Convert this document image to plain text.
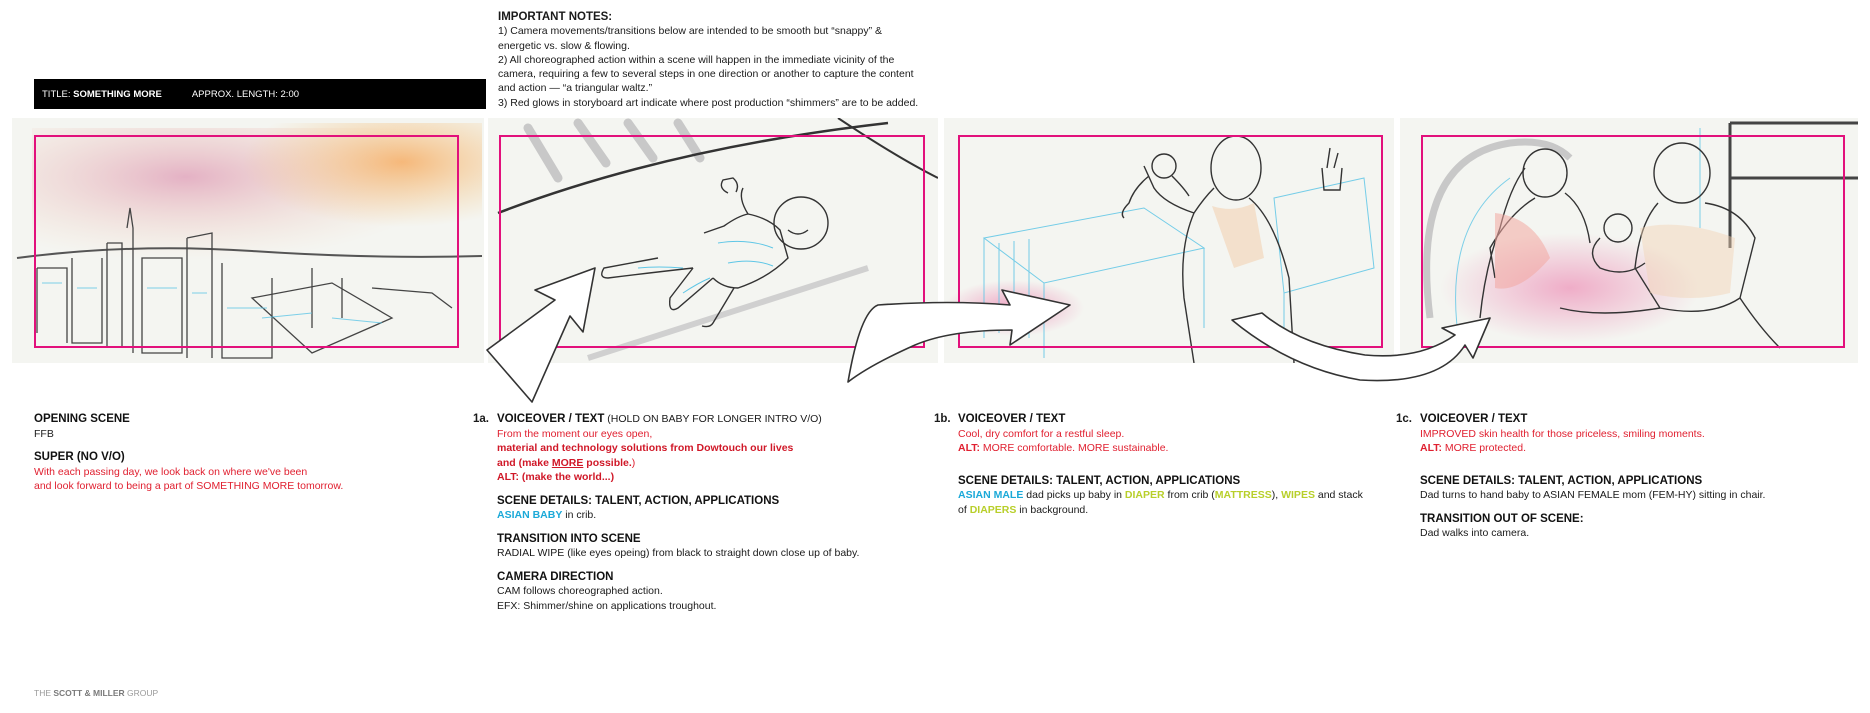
IMPORTANT NOTES:
1) Camera movements/transitions below are intended to be smooth but “snappy” &
energetic vs. slow & flowing.
2) All choreographed action within a scene will happen in the immediate vicinity of the
camera, requiring a few to several steps in one direction or another to capture the content
and action — “a triangular waltz.”
3) Red glows in storyboard art indicate where post production “shimmers” are to be added.
TITLE: SOMETHING MORE	APPROX. LENGTH: 2:00
OPENING SCENE
FFB
SUPER (NO V/O)
With each passing day, we look back on where we've been
and look forward to being a part of SOMETHING MORE tomorrow.
1a. VOICEOVER / TEXT (HOLD ON BABY FOR LONGER INTRO V/O)
From the moment our eyes open,
material and technology solutions from Dowtouch our lives
and (make MORE possible.)
ALT: (make the world...)
SCENE DETAILS: TALENT, ACTION, APPLICATIONS
ASIAN BABY in crib.
TRANSITION INTO SCENE
RADIAL WIPE (like eyes opeing) from black to straight down close up of baby.
CAMERA DIRECTION
CAM follows choreographed action.
EFX: Shimmer/shine on applications troughout.
1b. VOICEOVER / TEXT
Cool, dry comfort for a restful sleep.
ALT: MORE comfortable. MORE sustainable.
SCENE DETAILS: TALENT, ACTION, APPLICATIONS
ASIAN MALE dad picks up baby in DIAPER from crib (MATTRESS), WIPES and stack
of DIAPERS in background.
1c. VOICEOVER / TEXT
IMPROVED skin health for those priceless, smiling moments.
ALT: MORE protected.
SCENE DETAILS: TALENT, ACTION, APPLICATIONS
Dad turns to hand baby to ASIAN FEMALE mom (FEM-HY) sitting in chair.
TRANSITION OUT OF SCENE:
Dad walks into camera.
THE SCOTT & MILLER GROUP
